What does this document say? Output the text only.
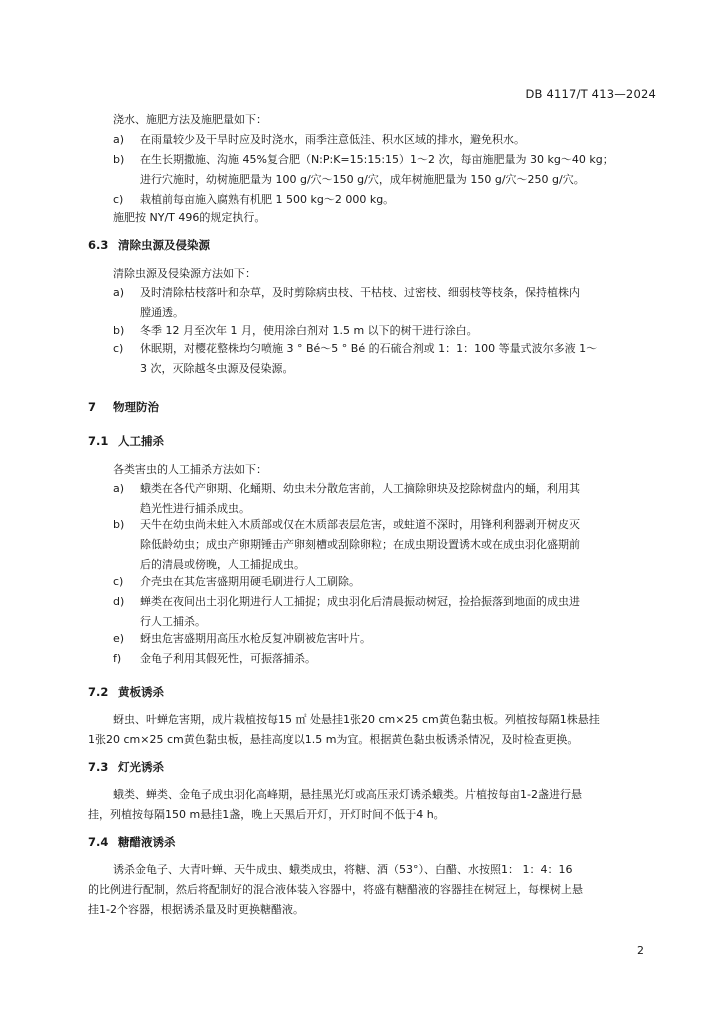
DB 4117/T 413—2024
浇水、施肥方法及施肥量如下：
a) 在雨量较少及干旱时应及时浇水，雨季注意低洼、积水区域的排水，避免积水。
b) 在生长期撒施、沟施 45%复合肥（N:P:K=15:15:15）1～2 次，每亩施肥量为 30 kg～40 kg；
进行穴施时，幼树施肥量为 100 g/穴～150 g/穴，成年树施肥量为 150 g/穴～250 g/穴。
c) 栽植前每亩施入腐熟有机肥 1 500 kg～2 000 kg。
施肥按 NY/T 496的规定执行。
6.3 清除虫源及侵染源
清除虫源及侵染源方法如下：
a) 及时清除枯枝落叶和杂草，及时剪除病虫枝、干枯枝、过密枝、细弱枝等枝条，保持植株内
膛通透。
b) 冬季 12 月至次年 1 月，使用涂白剂对 1.5 m 以下的树干进行涂白。
c) 休眠期，对樱花整株均匀喷施 3 ° Bé～5 ° Bé 的石硫合剂或 1：1：100 等量式波尔多液 1～
3 次，灭除越冬虫源及侵染源。
7 物理防治
7.1 人工捕杀
各类害虫的人工捕杀方法如下：
a) 蛾类在各代产卵期、化蛹期、幼虫未分散危害前，人工摘除卵块及挖除树盘内的蛹，利用其
趋光性进行捕杀成虫。
b) 天牛在幼虫尚未蛀入木质部或仅在木质部表层危害，或蛀道不深时，用锋利利器剥开树皮灭
除低龄幼虫；成虫产卵期锤击产卵刻槽或刮除卵粒；在成虫期设置诱木或在成虫羽化盛期前
后的清晨或傍晚，人工捕捉成虫。
c) 介壳虫在其危害盛期用硬毛刷进行人工刷除。
d) 蝉类在夜间出土羽化期进行人工捕捉；成虫羽化后清晨振动树冠，捡拾振落到地面的成虫进
行人工捕杀。
e) 蚜虫危害盛期用高压水枪反复冲刷被危害叶片。
f) 金龟子利用其假死性，可振落捕杀。
7.2 黄板诱杀
蚜虫、叶蝉危害期，成片栽植按每15 ㎡ 处悬挂1张20 cm×25 cm黄色黏虫板。列植按每隔1株悬挂
1张20 cm×25 cm黄色黏虫板，悬挂高度以1.5 m为宜。根据黄色黏虫板诱杀情况，及时检查更换。
7.3 灯光诱杀
蛾类、蝉类、金龟子成虫羽化高峰期，悬挂黑光灯或高压汞灯诱杀蛾类。片植按每亩1-2盏进行悬
挂，列植按每隔150 m悬挂1盏，晚上天黑后开灯，开灯时间不低于4 h。
7.4 糖醋液诱杀
诱杀金龟子、大青叶蝉、天牛成虫、蛾类成虫，将糖、酒（53°）、白醋、水按照1： 1：4：16
的比例进行配制，然后将配制好的混合液体装入容器中，将盛有糖醋液的容器挂在树冠上，每棵树上悬
挂1-2个容器，根据诱杀量及时更换糖醋液。
2
